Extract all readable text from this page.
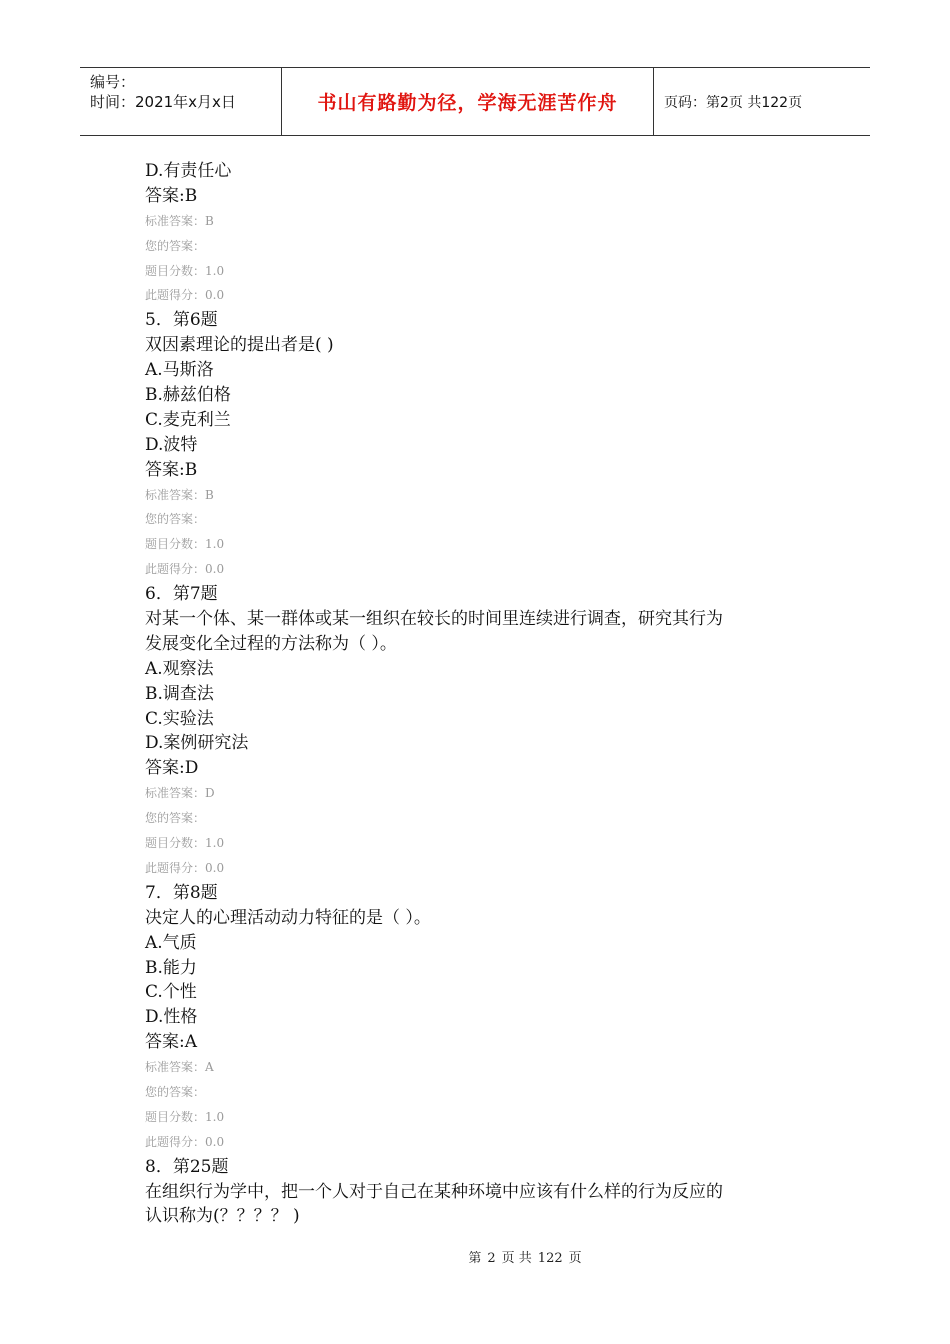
编号：
时间：2021年x月x日	书山有路勤为径，学海无涯苦作舟	页码：第2页 共122页
D.有责任心
答案:B
标准答案：B
您的答案：
题目分数：1.0
此题得分：0.0
5．第6题
双因素理论的提出者是( )
A.马斯洛
B.赫兹伯格
C.麦克利兰
D.波特
答案:B
标准答案：B
您的答案：
题目分数：1.0
此题得分：0.0
6．第7题
对某一个体、某一群体或某一组织在较长的时间里连续进行调查，研究其行为
发展变化全过程的方法称为（ ）。
A.观察法
B.调查法
C.实验法
D.案例研究法
答案:D
标准答案：D
您的答案：
题目分数：1.0
此题得分：0.0
7．第8题
决定人的心理活动动力特征的是（ ）。
A.气质
B.能力
C.个性
D.性格
答案:A
标准答案：A
您的答案：
题目分数：1.0
此题得分：0.0
8．第25题
在组织行为学中，把一个人对于自己在某种环境中应该有什么样的行为反应的
认识称为(？？？？ )
第 2 页 共 122 页
